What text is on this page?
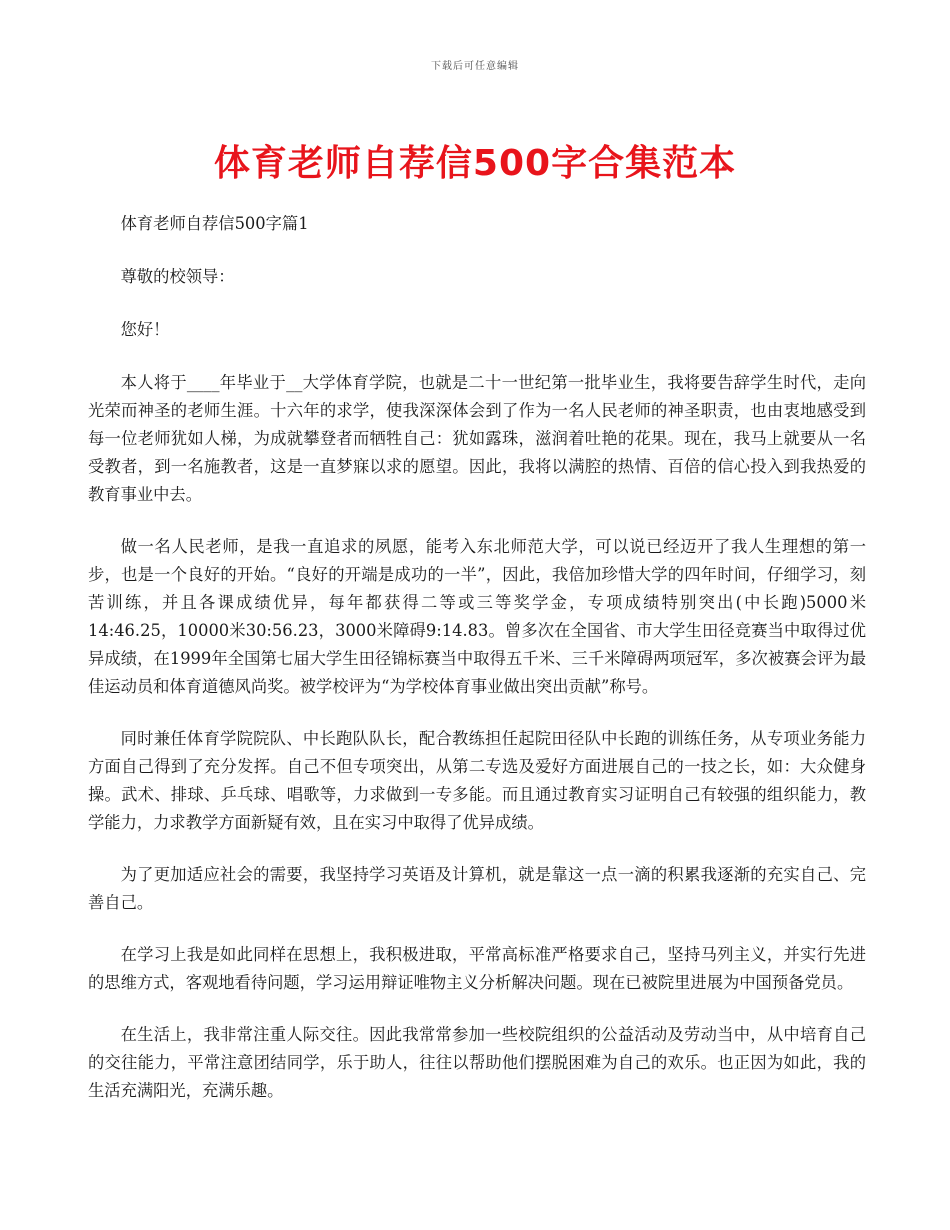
下载后可任意编辑
体育老师自荐信500字合集范本

体育老师自荐信500字篇1

尊敬的校领导：

您好！

本人将于____年毕业于__大学体育学院，也就是二十一世纪第一批毕业生，我将要告辞学生时代，走向光荣而神圣的老师生涯。十六年的求学，使我深深体会到了作为一名人民老师的神圣职责，也由衷地感受到每一位老师犹如人梯，为成就攀登者而牺牲自己：犹如露珠，滋润着吐艳的花果。现在，我马上就要从一名受教者，到一名施教者，这是一直梦寐以求的愿望。因此，我将以满腔的热情、百倍的信心投入到我热爱的教育事业中去。

做一名人民老师，是我一直追求的夙愿，能考入东北师范大学，可以说已经迈开了我人生理想的第一步，也是一个良好的开始。“良好的开端是成功的一半”，因此，我倍加珍惜大学的四年时间，仔细学习，刻苦训练，并且各课成绩优异，每年都获得二等或三等奖学金，专项成绩特别突出(中长跑)5000米14:46.25，10000米30:56.23，3000米障碍9:14.83。曾多次在全国省、市大学生田径竞赛当中取得过优异成绩，在1999年全国第七届大学生田径锦标赛当中取得五千米、三千米障碍两项冠军，多次被赛会评为最佳运动员和体育道德风尚奖。被学校评为“为学校体育事业做出突出贡献”称号。

同时兼任体育学院院队、中长跑队队长，配合教练担任起院田径队中长跑的训练任务，从专项业务能力方面自己得到了充分发挥。自己不但专项突出，从第二专选及爱好方面进展自己的一技之长，如：大众健身操。武术、排球、乒乓球、唱歌等，力求做到一专多能。而且通过教育实习证明自己有较强的组织能力，教学能力，力求教学方面新疑有效，且在实习中取得了优异成绩。

为了更加适应社会的需要，我坚持学习英语及计算机，就是靠这一点一滴的积累我逐渐的充实自己、完善自己。

在学习上我是如此同样在思想上，我积极进取，平常高标准严格要求自己，坚持马列主义，并实行先进的思维方式，客观地看待问题，学习运用辩证唯物主义分析解决问题。现在已被院里进展为中国预备党员。

在生活上，我非常注重人际交往。因此我常常参加一些校院组织的公益活动及劳动当中，从中培育自己的交往能力，平常注意团结同学，乐于助人，往往以帮助他们摆脱困难为自己的欢乐。也正因为如此，我的生活充满阳光，充满乐趣。
